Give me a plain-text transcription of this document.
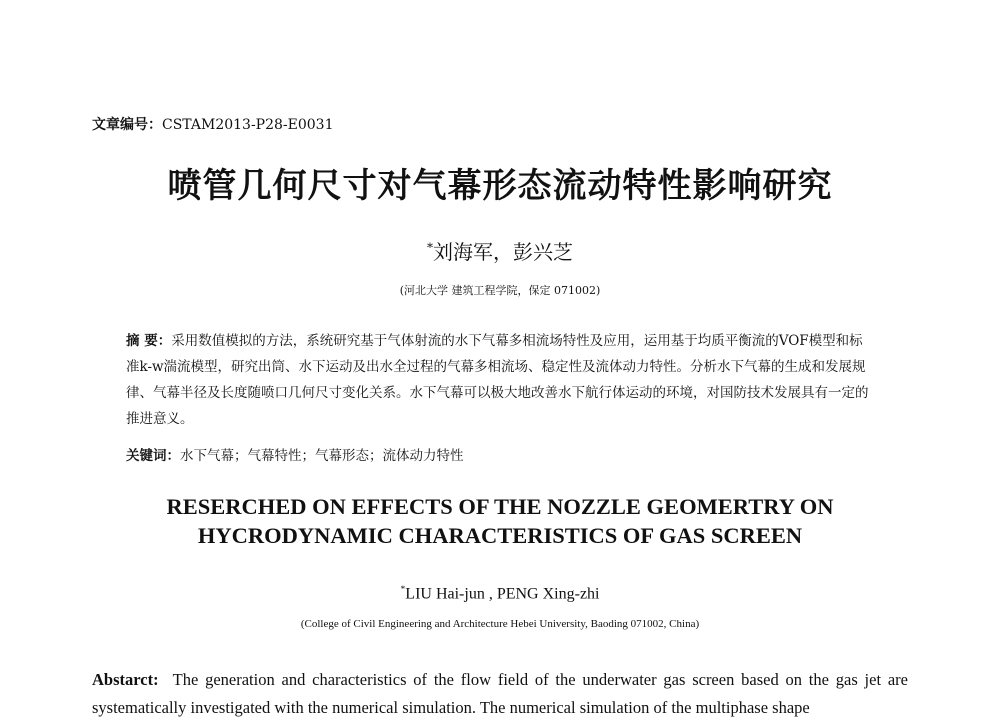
文章编号：CSTAM2013-P28-E0031
喷管几何尺寸对气幕形态流动特性影响研究
*刘海军，彭兴芝
(河北大学 建筑工程学院，保定 071002)
摘 要：采用数值模拟的方法，系统研究基于气体射流的水下气幕多相流场特性及应用，运用基于均质平衡流的VOF模型和标准k-w湍流模型，研究出筒、水下运动及出水全过程的气幕多相流场、稳定性及流体动力特性。分析水下气幕的生成和发展规律、气幕半径及长度随喷口几何尺寸变化关系。水下气幕可以极大地改善水下航行体运动的环境，对国防技术发展具有一定的推进意义。
关键词：水下气幕；气幕特性；气幕形态；流体动力特性
RESERCHED ON EFFECTS OF THE NOZZLE GEOMERTRY ON
HYCRODYNAMIC CHARACTERISTICS OF GAS SCREEN
*LIU Hai-jun , PENG Xing-zhi
(College of Civil Engineering and Architecture Hebei University, Baoding 071002, China)
Abstarct: The generation and characteristics of the flow field of the underwater gas screen based on the gas jet are systematically investigated with the numerical simulation. The numerical simulation of the multiphase shape
